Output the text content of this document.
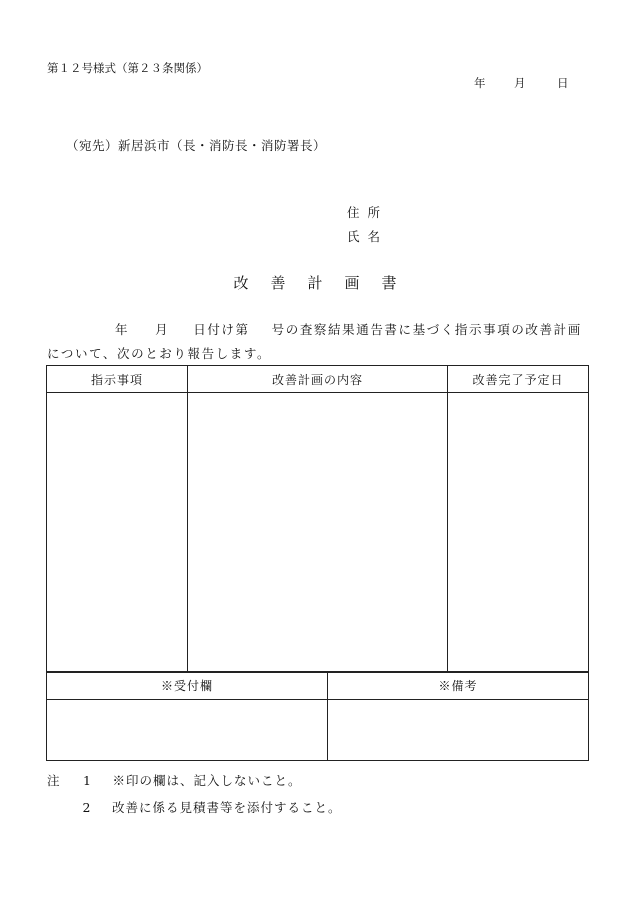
第１２号様式（第２３条関係）
年 月	日
（宛先）新居浜市（長・消防長・消防署長）
住所
氏名
改 善 計 画 書
年 月 日付け第 号の査察結果通告書に基づく指示事項の改善計画
について、次のとおり報告します。
指示事項	改善計画の内容	改善完了予定日

※受付欄	※備考

注 1 ※印の欄は、記入しないこと。
2 改善に係る見積書等を添付すること。
